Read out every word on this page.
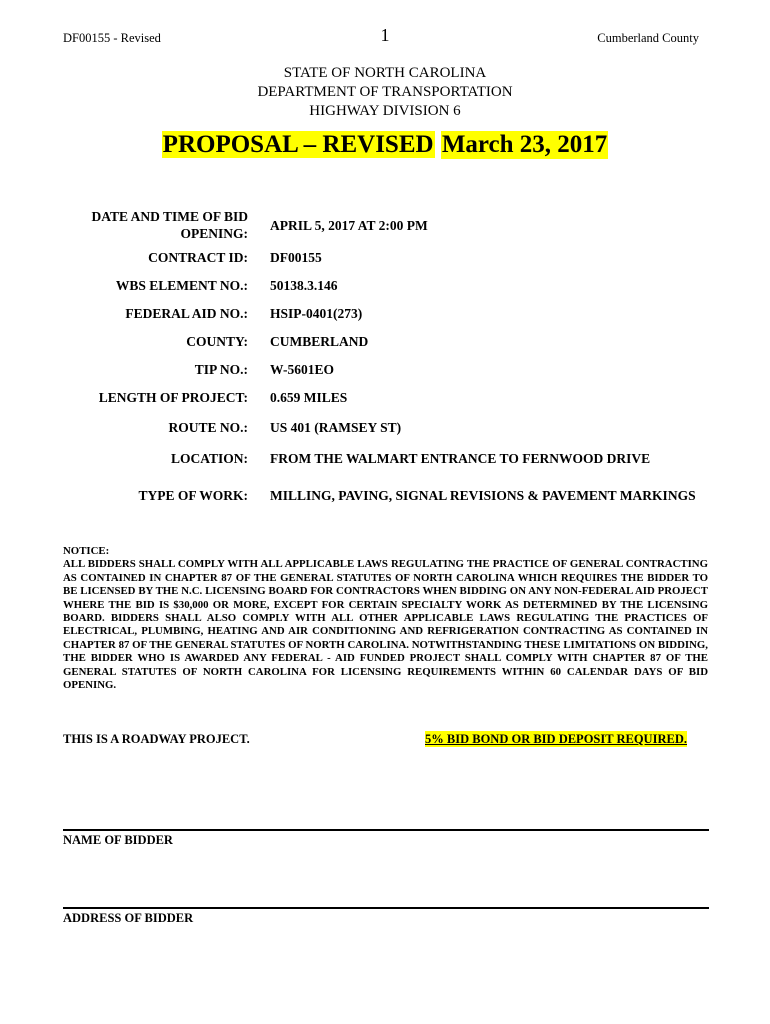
DF00155 - Revised	1	Cumberland County
STATE OF NORTH CAROLINA
DEPARTMENT OF TRANSPORTATION
HIGHWAY DIVISION 6
PROPOSAL – REVISED March 23, 2017
DATE AND TIME OF BID OPENING:
APRIL 5, 2017 AT 2:00 PM
CONTRACT ID: DF00155
WBS ELEMENT NO.: 50138.3.146
FEDERAL AID NO.: HSIP-0401(273)
COUNTY: CUMBERLAND
TIP NO.: W-5601EO
LENGTH OF PROJECT: 0.659 MILES
ROUTE NO.: US 401 (RAMSEY ST)
LOCATION: FROM THE WALMART ENTRANCE TO FERNWOOD DRIVE
TYPE OF WORK: MILLING, PAVING, SIGNAL REVISIONS & PAVEMENT MARKINGS
NOTICE:
ALL BIDDERS SHALL COMPLY WITH ALL APPLICABLE LAWS REGULATING THE PRACTICE OF GENERAL CONTRACTING AS CONTAINED IN CHAPTER 87 OF THE GENERAL STATUTES OF NORTH CAROLINA WHICH REQUIRES THE BIDDER TO BE LICENSED BY THE N.C. LICENSING BOARD FOR CONTRACTORS WHEN BIDDING ON ANY NON-FEDERAL AID PROJECT WHERE THE BID IS $30,000 OR MORE, EXCEPT FOR CERTAIN SPECIALTY WORK AS DETERMINED BY THE LICENSING BOARD. BIDDERS SHALL ALSO COMPLY WITH ALL OTHER APPLICABLE LAWS REGULATING THE PRACTICES OF ELECTRICAL, PLUMBING, HEATING AND AIR CONDITIONING AND REFRIGERATION CONTRACTING AS CONTAINED IN CHAPTER 87 OF THE GENERAL STATUTES OF NORTH CAROLINA. NOTWITHSTANDING THESE LIMITATIONS ON BIDDING, THE BIDDER WHO IS AWARDED ANY FEDERAL - AID FUNDED PROJECT SHALL COMPLY WITH CHAPTER 87 OF THE GENERAL STATUTES OF NORTH CAROLINA FOR LICENSING REQUIREMENTS WITHIN 60 CALENDAR DAYS OF BID OPENING.
THIS IS A ROADWAY PROJECT.	5% BID BOND OR BID DEPOSIT REQUIRED.
NAME OF BIDDER
ADDRESS OF BIDDER
